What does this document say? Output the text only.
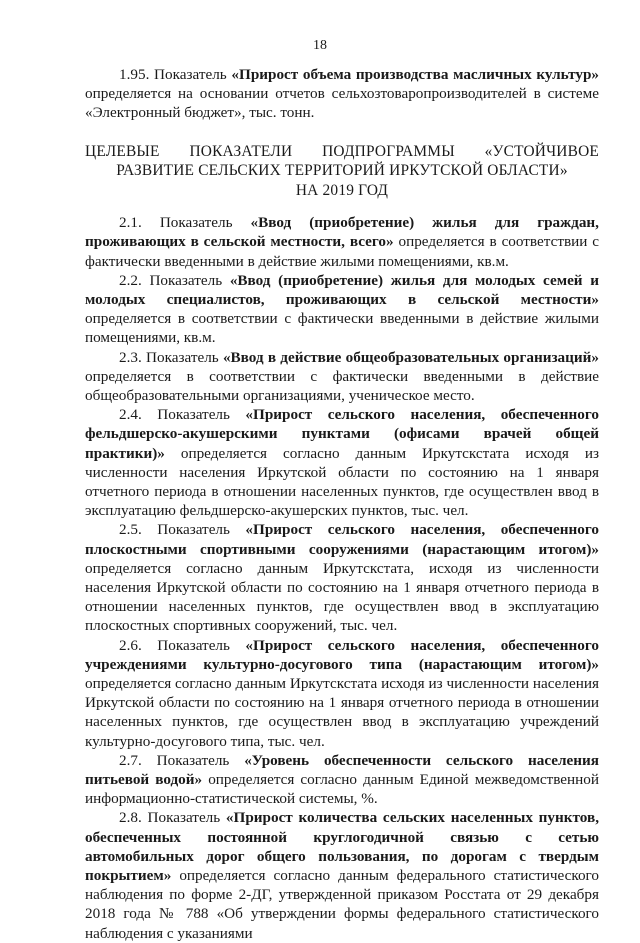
18

1.95. Показатель «Прирост объема производства масличных культур» определяется на основании отчетов сельхозтоваропроизводителей в системе «Электронный бюджет», тыс. тонн.

ЦЕЛЕВЫЕ ПОКАЗАТЕЛИ ПОДПРОГРАММЫ «УСТОЙЧИВОЕ
РАЗВИТИЕ СЕЛЬСКИХ ТЕРРИТОРИЙ ИРКУТСКОЙ ОБЛАСТИ»
НА 2019 ГОД

2.1. Показатель «Ввод (приобретение) жилья для граждан, проживающих в сельской местности, всего» определяется в соответствии с фактически введенными в действие жилыми помещениями, кв.м.

2.2. Показатель «Ввод (приобретение) жилья для молодых семей и молодых специалистов, проживающих в сельской местности» определяется в соответствии с фактически введенными в действие жилыми помещениями, кв.м.

2.3. Показатель «Ввод в действие общеобразовательных организаций» определяется в соответствии с фактически введенными в действие общеобразовательными организациями, ученическое место.

2.4. Показатель «Прирост сельского населения, обеспеченного фельдшерско-акушерскими пунктами (офисами врачей общей практики)» определяется согласно данным Иркутскстата исходя из численности населения Иркутской области по состоянию на 1 января отчетного периода в отношении населенных пунктов, где осуществлен ввод в эксплуатацию фельдшерско-акушерских пунктов, тыс. чел.

2.5. Показатель «Прирост сельского населения, обеспеченного плоскостными спортивными сооружениями (нарастающим итогом)» определяется согласно данным Иркутскстата, исходя из численности населения Иркутской области по состоянию на 1 января отчетного периода в отношении населенных пунктов, где осуществлен ввод в эксплуатацию плоскостных спортивных сооружений, тыс. чел.

2.6. Показатель «Прирост сельского населения, обеспеченного учреждениями культурно-досугового типа (нарастающим итогом)» определяется согласно данным Иркутскстата исходя из численности населения Иркутской области по состоянию на 1 января отчетного периода в отношении населенных пунктов, где осуществлен ввод в эксплуатацию учреждений культурно-досугового типа, тыс. чел.

2.7. Показатель «Уровень обеспеченности сельского населения питьевой водой» определяется согласно данным Единой межведомственной информационно-статистической системы, %.

2.8. Показатель «Прирост количества сельских населенных пунктов, обеспеченных постоянной круглогодичной связью с сетью автомобильных дорог общего пользования, по дорогам с твердым покрытием» определяется согласно данным федерального статистического наблюдения по форме 2-ДГ, утвержденной приказом Росстата от 29 декабря 2018 года № 788 «Об утверждении формы федерального статистического наблюдения с указаниями
